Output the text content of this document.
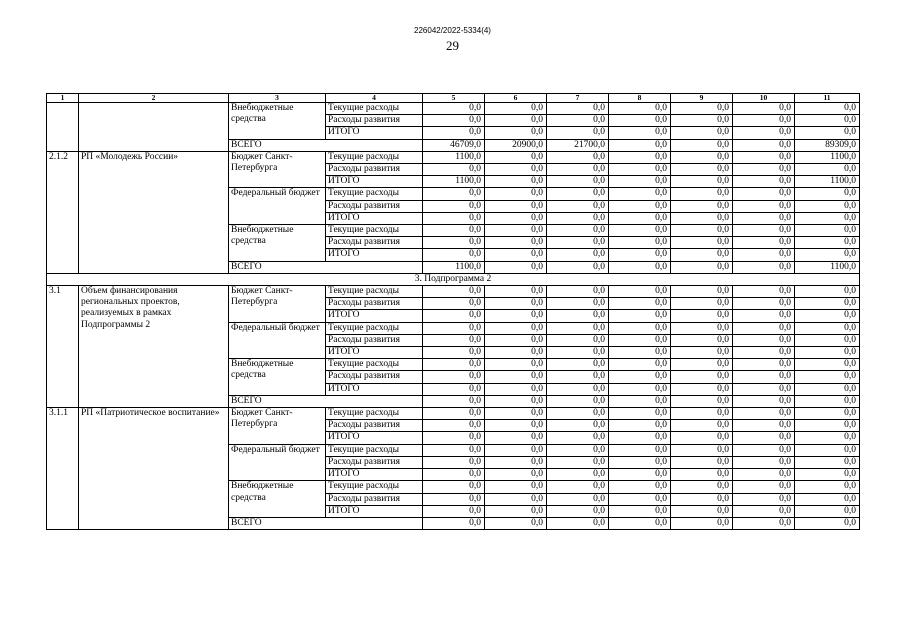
226042/2022-5334(4)
29
1	2	3	4	5	6	7	8	9	10	11
		Внебюджетные средства	Текущие расходы	0,0	0,0	0,0	0,0	0,0	0,0	0,0
			Расходы развития	0,0	0,0	0,0	0,0	0,0	0,0	0,0
			ИТОГО	0,0	0,0	0,0	0,0	0,0	0,0	0,0
		ВСЕГО		46709,0	20900,0	21700,0	0,0	0,0	0,0	89309,0
2.1.2	РП «Молодежь России»	Бюджет Санкт-Петербурга	Текущие расходы	1100,0	0,0	0,0	0,0	0,0	0,0	1100,0
			Расходы развития	0,0	0,0	0,0	0,0	0,0	0,0	0,0
			ИТОГО	1100,0	0,0	0,0	0,0	0,0	0,0	1100,0
		Федеральный бюджет	Текущие расходы	0,0	0,0	0,0	0,0	0,0	0,0	0,0
			Расходы развития	0,0	0,0	0,0	0,0	0,0	0,0	0,0
			ИТОГО	0,0	0,0	0,0	0,0	0,0	0,0	0,0
		Внебюджетные средства	Текущие расходы	0,0	0,0	0,0	0,0	0,0	0,0	0,0
			Расходы развития	0,0	0,0	0,0	0,0	0,0	0,0	0,0
			ИТОГО	0,0	0,0	0,0	0,0	0,0	0,0	0,0
		ВСЕГО		1100,0	0,0	0,0	0,0	0,0	0,0	1100,0
3. Подпрограмма 2										
3.1	Объем финансирования региональных проектов, реализуемых в рамках Подпрограммы 2	Бюджет Санкт-Петербурга	Текущие расходы	0,0	0,0	0,0	0,0	0,0	0,0	0,0
			Расходы развития	0,0	0,0	0,0	0,0	0,0	0,0	0,0
			ИТОГО	0,0	0,0	0,0	0,0	0,0	0,0	0,0
		Федеральный бюджет	Текущие расходы	0,0	0,0	0,0	0,0	0,0	0,0	0,0
			Расходы развития	0,0	0,0	0,0	0,0	0,0	0,0	0,0
			ИТОГО	0,0	0,0	0,0	0,0	0,0	0,0	0,0
		Внебюджетные средства	Текущие расходы	0,0	0,0	0,0	0,0	0,0	0,0	0,0
			Расходы развития	0,0	0,0	0,0	0,0	0,0	0,0	0,0
			ИТОГО	0,0	0,0	0,0	0,0	0,0	0,0	0,0
		ВСЕГО		0,0	0,0	0,0	0,0	0,0	0,0	0,0
3.1.1	РП «Патриотическое воспитание»	Бюджет Санкт-Петербурга	Текущие расходы	0,0	0,0	0,0	0,0	0,0	0,0	0,0
			Расходы развития	0,0	0,0	0,0	0,0	0,0	0,0	0,0
			ИТОГО	0,0	0,0	0,0	0,0	0,0	0,0	0,0
		Федеральный бюджет	Текущие расходы	0,0	0,0	0,0	0,0	0,0	0,0	0,0
			Расходы развития	0,0	0,0	0,0	0,0	0,0	0,0	0,0
			ИТОГО	0,0	0,0	0,0	0,0	0,0	0,0	0,0
		Внебюджетные средства	Текущие расходы	0,0	0,0	0,0	0,0	0,0	0,0	0,0
			Расходы развития	0,0	0,0	0,0	0,0	0,0	0,0	0,0
			ИТОГО	0,0	0,0	0,0	0,0	0,0	0,0	0,0
		ВСЕГО		0,0	0,0	0,0	0,0	0,0	0,0	0,0
